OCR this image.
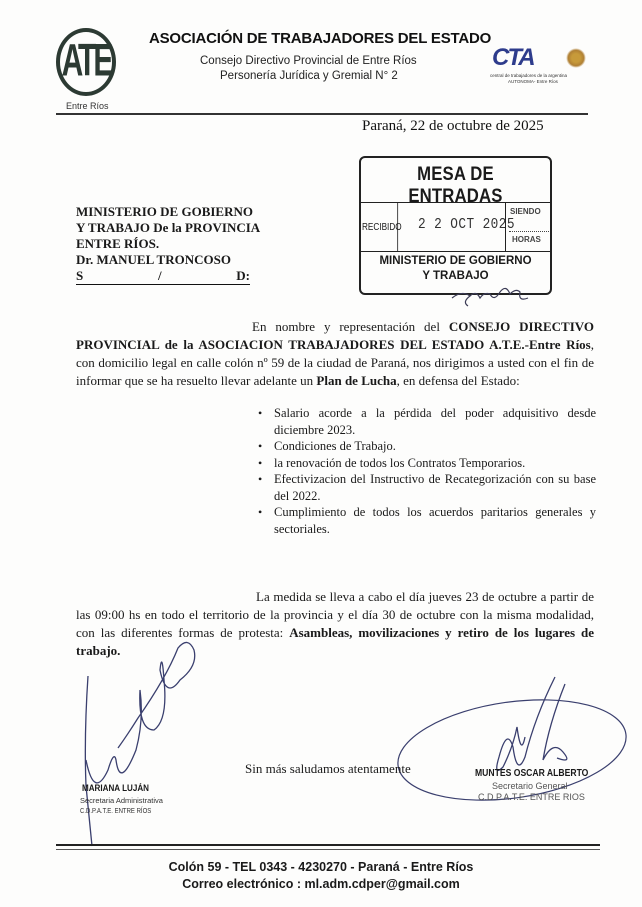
ATE
Entre Ríos
ASOCIACIÓN DE TRABAJADORES DEL ESTADO
Consejo Directivo Provincial de Entre Ríos
Personería Jurídica y Gremial N° 2
CTA
central de trabajadores de la argentina
AUTONOMA- Entre Ríos
Paraná, 22 de octubre de 2025
MESA DE ENTRADAS
RECIBIDO 2 2 OCT 2025
SIENDO
HORAS
MINISTERIO DE GOBIERNO
Y TRABAJO
MINISTERIO DE GOBIERNO
Y TRABAJO De la PROVINCIA
ENTRE RÍOS.
Dr. MANUEL TRONCOSO
S	/	D:
En nombre y representación del CONSEJO DIRECTIVO PROVINCIAL de la ASOCIACION TRABAJADORES DEL ESTADO A.T.E.-Entre Ríos, con domicilio legal en calle colón nº 59 de la ciudad de Paraná, nos dirigimos a usted con el fin de informar que se ha resuelto llevar adelante un Plan de Lucha, en defensa del Estado:
• Salario acorde a la pérdida del poder adquisitivo desde diciembre 2023.
• Condiciones de Trabajo.
• la renovación de todos los Contratos Temporarios.
• Efectivizacion del Instructivo de Recategorización con su base del 2022.
• Cumplimiento de todos los acuerdos paritarios generales y sectoriales.
La medida se lleva a cabo el día jueves 23 de octubre a partir de las 09:00 hs en todo el territorio de la provincia y el día 30 de octubre con la misma modalidad, con las diferentes formas de protesta: Asambleas, movilizaciones y retiro de los lugares de trabajo.
Sin más saludamos atentamente
MARIANA LUJÁN
Secretaria Administrativa
C.D.P.A.T.E. ENTRE RÍOS
MUNTES OSCAR ALBERTO
Secretario General
C.D.P.A.T.E. ENTRE RIOS
Colón 59 - TEL 0343 - 4230270 - Paraná - Entre Ríos
Correo electrónico : ml.adm.cdper@gmail.com
